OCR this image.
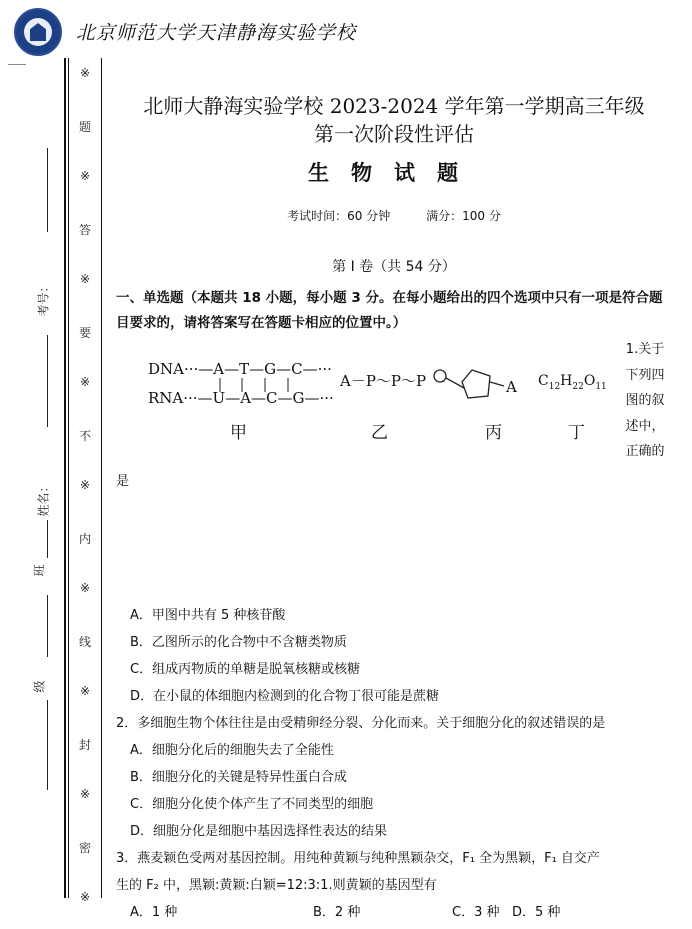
北京师范大学天津静海实验学校
※
题
※
答
※
要
※
不
※
内
※
线
※
封
※
密
※
考号：
姓名：
班
级
北师大静海实验学校 2023-2024 学年第一学期高三年级
第一次阶段性评估
生物试题
考试时间：60 分钟	满分：100 分
第 I 卷（共 54 分）
一、单选题（本题共 18 小题，每小题 3 分。在每小题给出的四个选项中只有一项是符合题目要求的，请将答案写在答题卡相应的位置中。）
DNA···—A—T—G—C—···
RNA···—U—A—C—G—···
A－P～P～P	A $C_{12}H_{22}O_{11}$
甲	乙	丙	丁
1.关于
下列四
图的叙
述中，
正确的
是
A．甲图中共有 5 种核苷酸
B．乙图所示的化合物中不含糖类物质
C．组成丙物质的单糖是脱氧核糖或核糖
D．在小鼠的体细胞内检测到的化合物丁很可能是蔗糖
2．多细胞生物个体往往是由受精卵经分裂、分化而来。关于细胞分化的叙述错误的是
A．细胞分化后的细胞失去了全能性
B．细胞分化的关键是特异性蛋白合成
C．细胞分化使个体产生了不同类型的细胞
D．细胞分化是细胞中基因选择性表达的结果
3．燕麦颖色受两对基因控制。用纯种黄颖与纯种黑颖杂交，F₁ 全为黑颖，F₁ 自交产
生的 F₂ 中，黑颖:黄颖:白颖=12:3:1.则黄颖的基因型有
A．1 种	B．2 种	C．3 种 D．5 种
